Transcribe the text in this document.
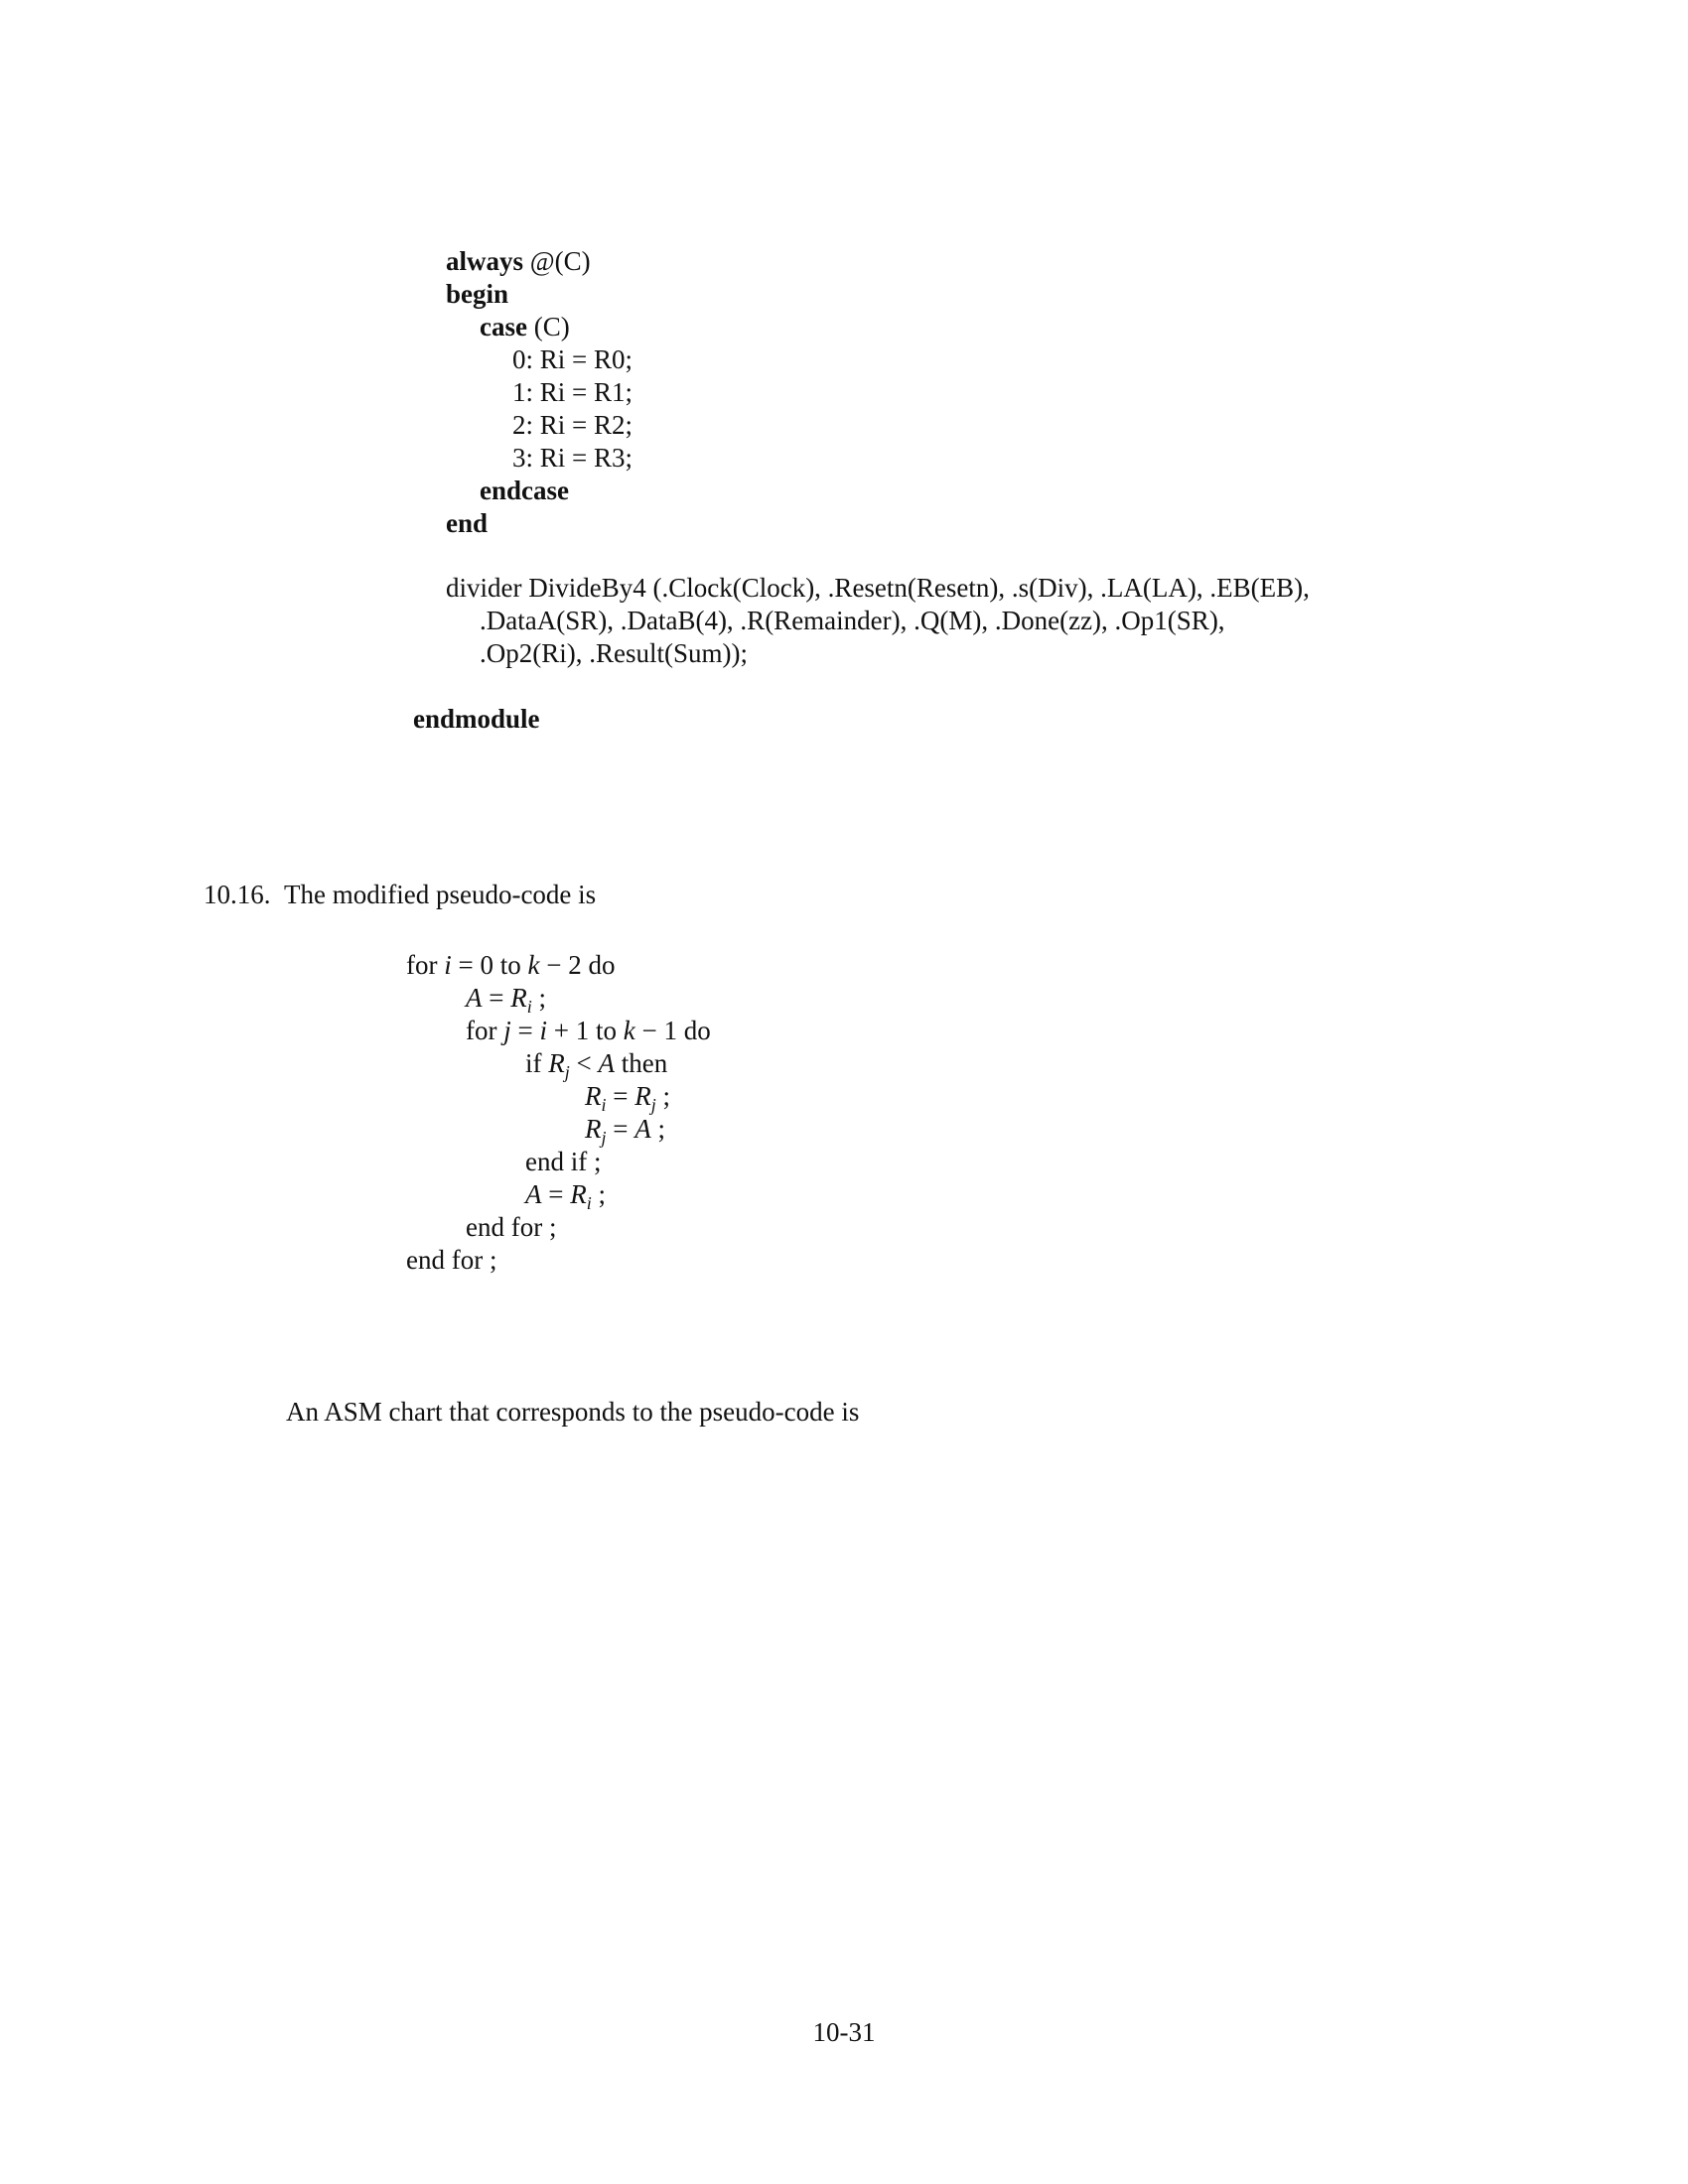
always @(C)
begin
case (C)
0: Ri = R0;
1: Ri = R1;
2: Ri = R2;
3: Ri = R3;
endcase
end
divider DivideBy4 (.Clock(Clock), .Resetn(Resetn), .s(Div), .LA(LA), .EB(EB),
.DataA(SR), .DataB(4), .R(Remainder), .Q(M), .Done(zz), .Op1(SR),
.Op2(Ri), .Result(Sum));
endmodule
10.16. The modified pseudo-code is
for i = 0 to k − 2 do
$A = R_i$ ;
for j = i + 1 to k − 1 do
if $R_j < A$ then
$R_i = R_j$ ;
$R_j = A$ ;
end if ;
$A = R_i$ ;
end for ;
end for ;
An ASM chart that corresponds to the pseudo-code is
10-31
